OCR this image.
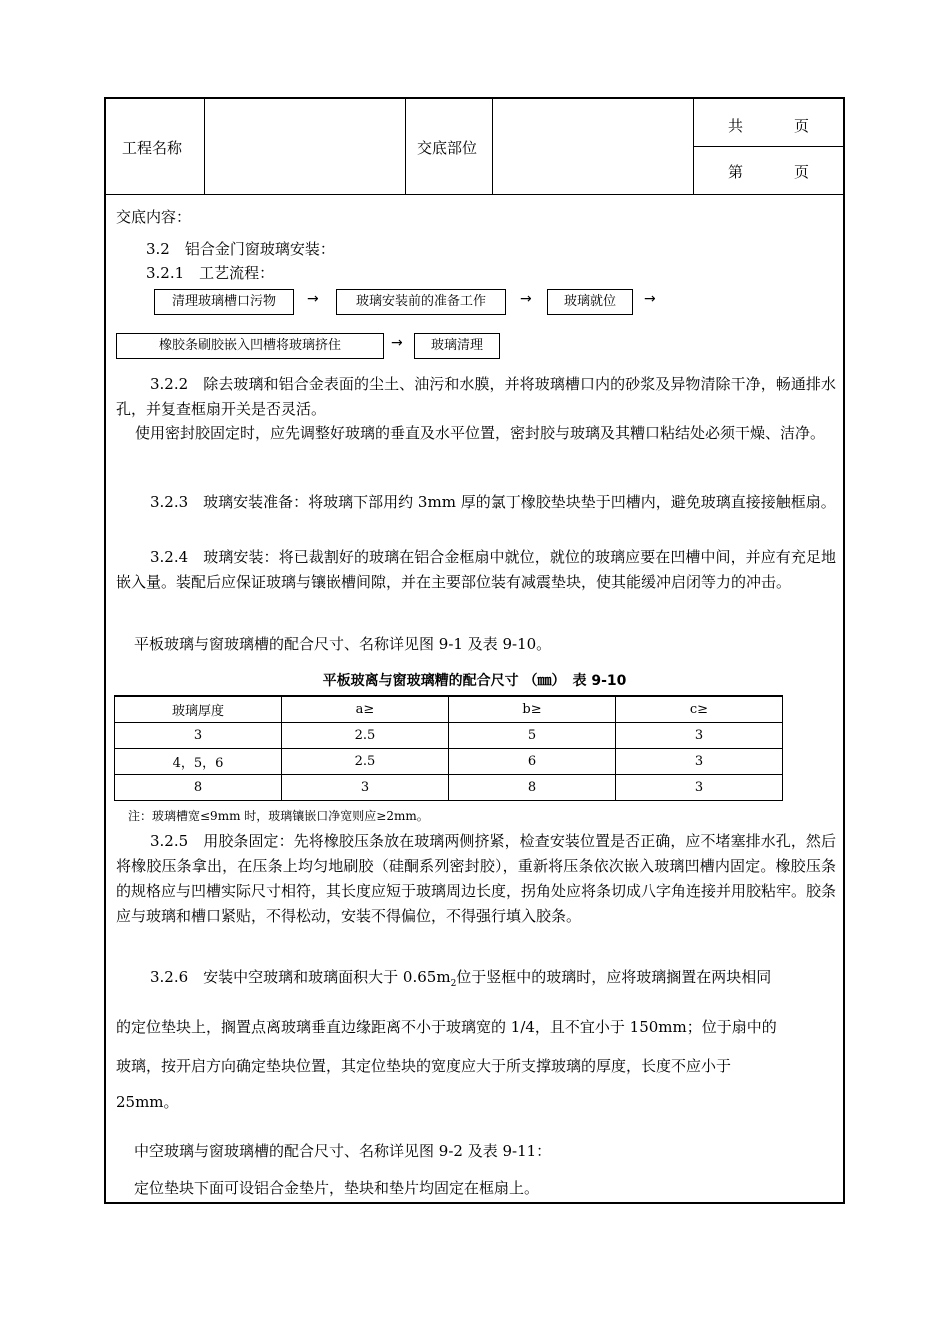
工程名称	交底部位
共	页
第	页
交底内容：
3.2　铝合金门窗玻璃安装：
3.2.1　工艺流程：
清理玻璃槽口污物	→	玻璃安装前的准备工作	→	玻璃就位	→
橡胶条刷胶嵌入凹槽将玻璃挤住	→	玻璃清理
3.2.2　除去玻璃和铝合金表面的尘土、油污和水膜，并将玻璃槽口内的砂浆及异物清除干净，畅通排水孔，并复查框扇开关是否灵活。
使用密封胶固定时，应先调整好玻璃的垂直及水平位置，密封胶与玻璃及其糟口粘结处必须干燥、洁净。
3.2.3　玻璃安装准备：将玻璃下部用约 3mm 厚的氯丁橡胶垫块垫于凹槽内，避免玻璃直接接触框扇。
3.2.4　玻璃安装：将已裁割好的玻璃在铝合金框扇中就位，就位的玻璃应要在凹槽中间，并应有充足地嵌入量。装配后应保证玻璃与镶嵌槽间隙，并在主要部位装有减震垫块，使其能缓冲启闭等力的冲击。
平板玻璃与窗玻璃槽的配合尺寸、名称详见图 9-1 及表 9-10。
平板玻离与窗玻璃糟的配合尺寸 （㎜）　表 9-10
玻璃厚度	a≥	b≥	c≥
3	2.5	5	3
4，5，6	2.5	6	3
8	3	8	3
注：玻璃槽宽≤9mm 时，玻璃镶嵌口净宽则应≥2mm。
3.2.5　用胶条固定：先将橡胶压条放在玻璃两侧挤紧，检查安装位置是否正确，应不堵塞排水孔，然后将橡胶压条拿出，在压条上均匀地刷胶（硅酮系列密封胶），重新将压条依次嵌入玻璃凹槽内固定。橡胶压条的规格应与凹槽实际尺寸相符，其长度应短于玻璃周边长度，拐角处应将条切成八字角连接并用胶粘牢。胶条应与玻璃和槽口紧贴，不得松动，安装不得偏位，不得强行填入胶条。
3.2.6　安装中空玻璃和玻璃面积大于 $0.65m_2$位于竖框中的玻璃时，应将玻璃搁置在两块相同
的定位垫块上，搁置点离玻璃垂直边缘距离不小于玻璃宽的 1/4，且不宜小于 150mm；位于扇中的
玻璃，按开启方向确定垫块位置，其定位垫块的宽度应大于所支撑玻璃的厚度，长度不应小于
25mm。
中空玻璃与窗玻璃槽的配合尺寸、名称详见图 9-2 及表 9-11：
定位垫块下面可设铝合金垫片，垫块和垫片均固定在框扇上。
